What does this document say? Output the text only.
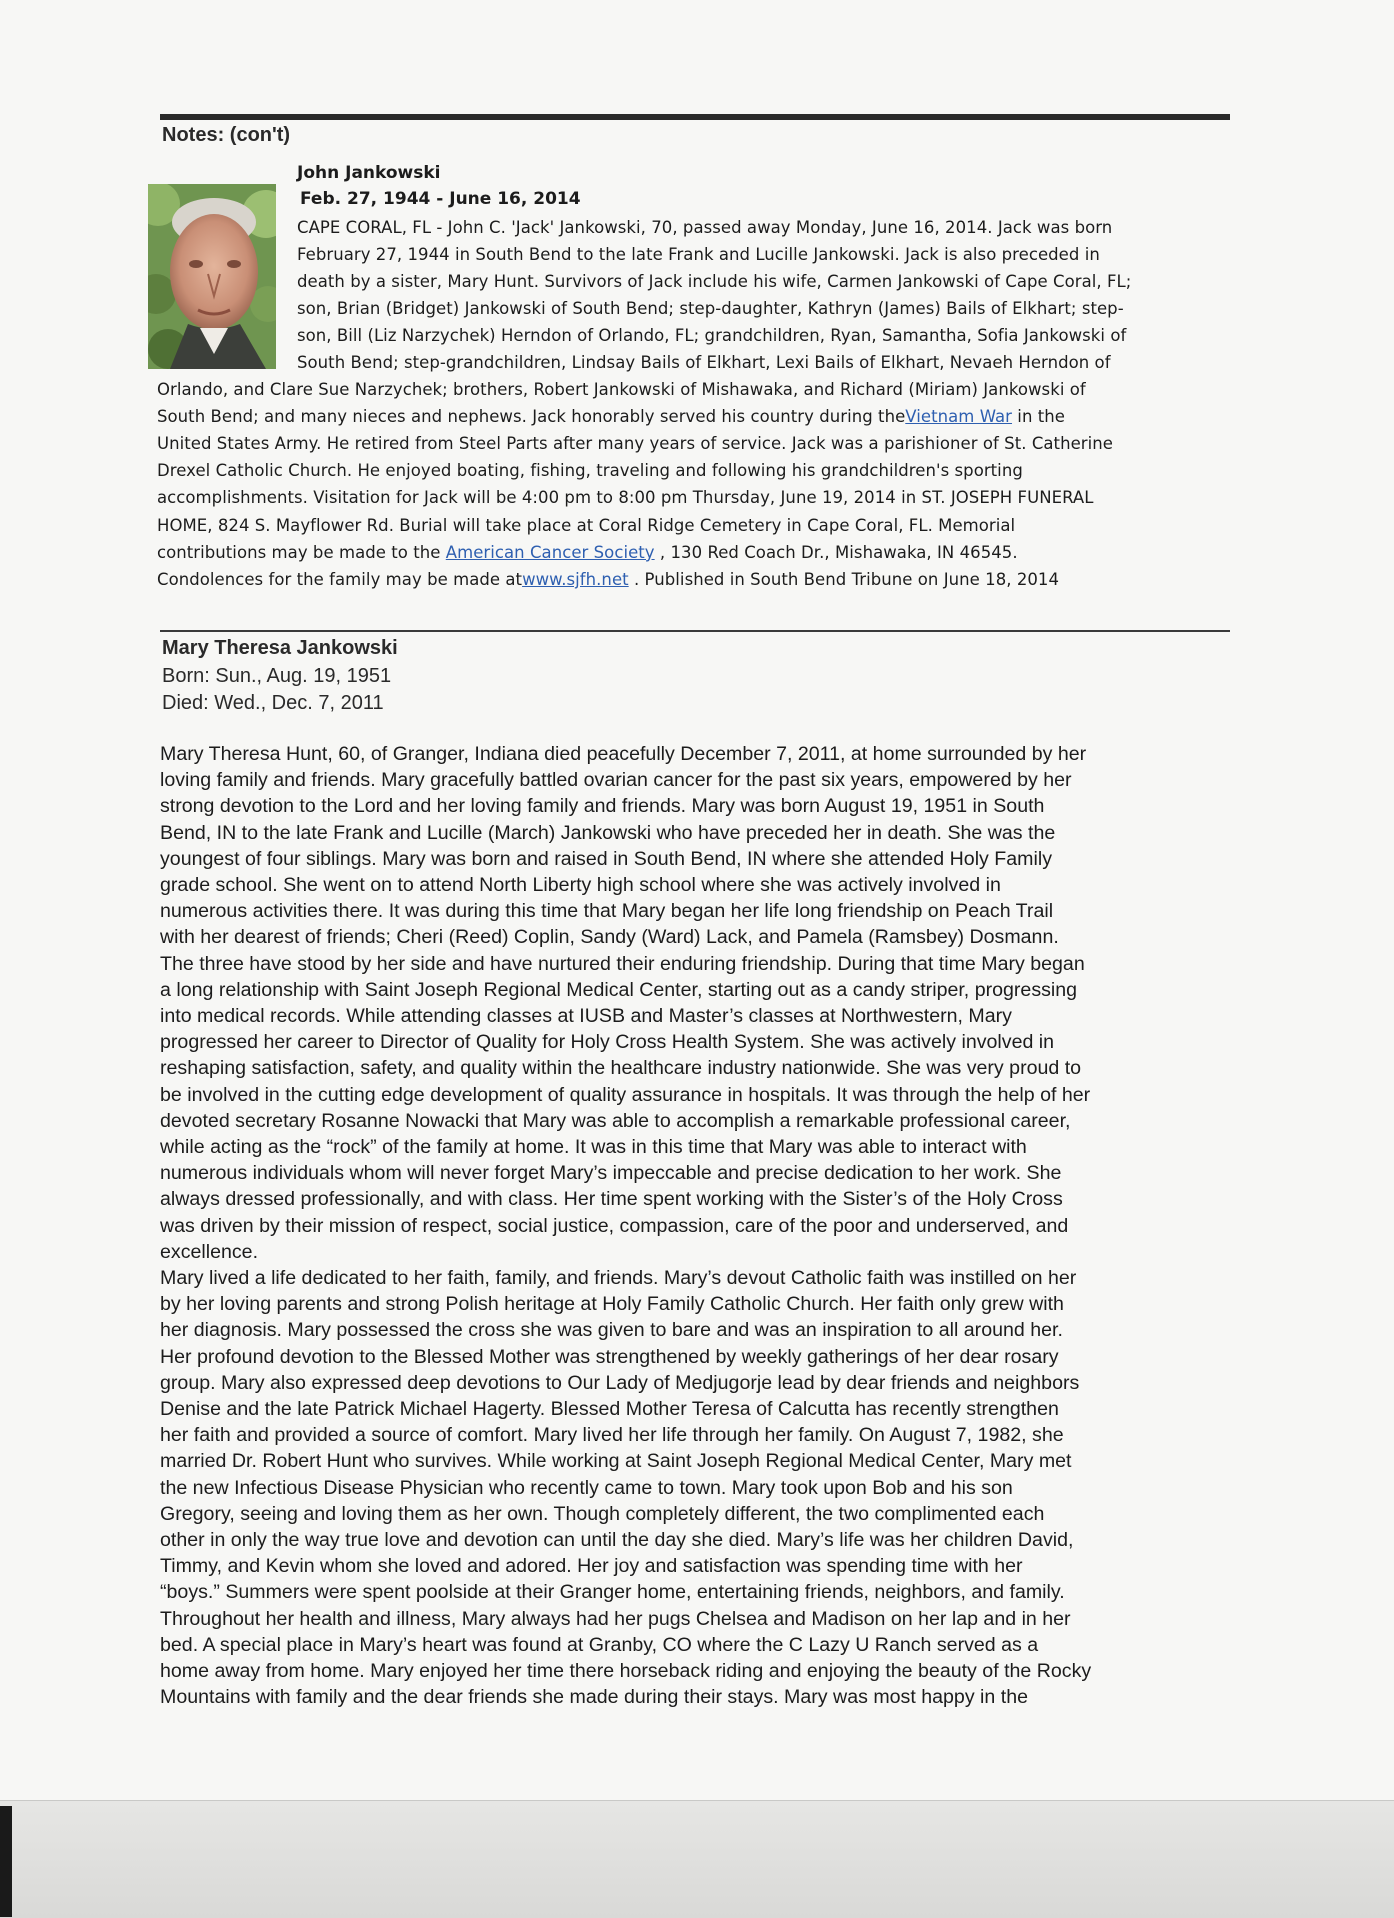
Notes: (con't)
John Jankowski
Feb. 27, 1944 - June 16, 2014
CAPE CORAL, FL - John C. 'Jack' Jankowski, 70, passed away Monday, June 16, 2014. Jack was born
February 27, 1944 in South Bend to the late Frank and Lucille Jankowski. Jack is also preceded in
death by a sister, Mary Hunt. Survivors of Jack include his wife, Carmen Jankowski of Cape Coral, FL;
son, Brian (Bridget) Jankowski of South Bend; step-daughter, Kathryn (James) Bails of Elkhart; step-
son, Bill (Liz Narzychek) Herndon of Orlando, FL; grandchildren, Ryan, Samantha, Sofia Jankowski of
South Bend; step-grandchildren, Lindsay Bails of Elkhart, Lexi Bails of Elkhart, Nevaeh Herndon of
Orlando, and Clare Sue Narzychek; brothers, Robert Jankowski of Mishawaka, and Richard (Miriam) Jankowski of
South Bend; and many nieces and nephews. Jack honorably served his country during theVietnam War in the
United States Army. He retired from Steel Parts after many years of service. Jack was a parishioner of St. Catherine
Drexel Catholic Church. He enjoyed boating, fishing, traveling and following his grandchildren's sporting
accomplishments. Visitation for Jack will be 4:00 pm to 8:00 pm Thursday, June 19, 2014 in ST. JOSEPH FUNERAL
HOME, 824 S. Mayflower Rd. Burial will take place at Coral Ridge Cemetery in Cape Coral, FL. Memorial
contributions may be made to the American Cancer Society , 130 Red Coach Dr., Mishawaka, IN 46545.
Condolences for the family may be made atwww.sjfh.net . Published in South Bend Tribune on June 18, 2014
Mary Theresa Jankowski
Born: Sun., Aug. 19, 1951
Died: Wed., Dec. 7, 2011
Mary Theresa Hunt, 60, of Granger, Indiana died peacefully December 7, 2011, at home surrounded by her
loving family and friends. Mary gracefully battled ovarian cancer for the past six years, empowered by her
strong devotion to the Lord and her loving family and friends. Mary was born August 19, 1951 in South
Bend, IN to the late Frank and Lucille (March) Jankowski who have preceded her in death. She was the
youngest of four siblings. Mary was born and raised in South Bend, IN where she attended Holy Family
grade school. She went on to attend North Liberty high school where she was actively involved in
numerous activities there. It was during this time that Mary began her life long friendship on Peach Trail
with her dearest of friends; Cheri (Reed) Coplin, Sandy (Ward) Lack, and Pamela (Ramsbey) Dosmann.
The three have stood by her side and have nurtured their enduring friendship. During that time Mary began
a long relationship with Saint Joseph Regional Medical Center, starting out as a candy striper, progressing
into medical records. While attending classes at IUSB and Master’s classes at Northwestern, Mary
progressed her career to Director of Quality for Holy Cross Health System. She was actively involved in
reshaping satisfaction, safety, and quality within the healthcare industry nationwide. She was very proud to
be involved in the cutting edge development of quality assurance in hospitals. It was through the help of her
devoted secretary Rosanne Nowacki that Mary was able to accomplish a remarkable professional career,
while acting as the “rock” of the family at home. It was in this time that Mary was able to interact with
numerous individuals whom will never forget Mary’s impeccable and precise dedication to her work. She
always dressed professionally, and with class. Her time spent working with the Sister’s of the Holy Cross
was driven by their mission of respect, social justice, compassion, care of the poor and underserved, and
excellence.
Mary lived a life dedicated to her faith, family, and friends. Mary’s devout Catholic faith was instilled on her
by her loving parents and strong Polish heritage at Holy Family Catholic Church. Her faith only grew with
her diagnosis. Mary possessed the cross she was given to bare and was an inspiration to all around her.
Her profound devotion to the Blessed Mother was strengthened by weekly gatherings of her dear rosary
group. Mary also expressed deep devotions to Our Lady of Medjugorje lead by dear friends and neighbors
Denise and the late Patrick Michael Hagerty. Blessed Mother Teresa of Calcutta has recently strengthen
her faith and provided a source of comfort. Mary lived her life through her family. On August 7, 1982, she
married Dr. Robert Hunt who survives. While working at Saint Joseph Regional Medical Center, Mary met
the new Infectious Disease Physician who recently came to town. Mary took upon Bob and his son
Gregory, seeing and loving them as her own. Though completely different, the two complimented each
other in only the way true love and devotion can until the day she died. Mary’s life was her children David,
Timmy, and Kevin whom she loved and adored. Her joy and satisfaction was spending time with her
“boys.” Summers were spent poolside at their Granger home, entertaining friends, neighbors, and family.
Throughout her health and illness, Mary always had her pugs Chelsea and Madison on her lap and in her
bed. A special place in Mary’s heart was found at Granby, CO where the C Lazy U Ranch served as a
home away from home. Mary enjoyed her time there horseback riding and enjoying the beauty of the Rocky
Mountains with family and the dear friends she made during their stays. Mary was most happy in the
